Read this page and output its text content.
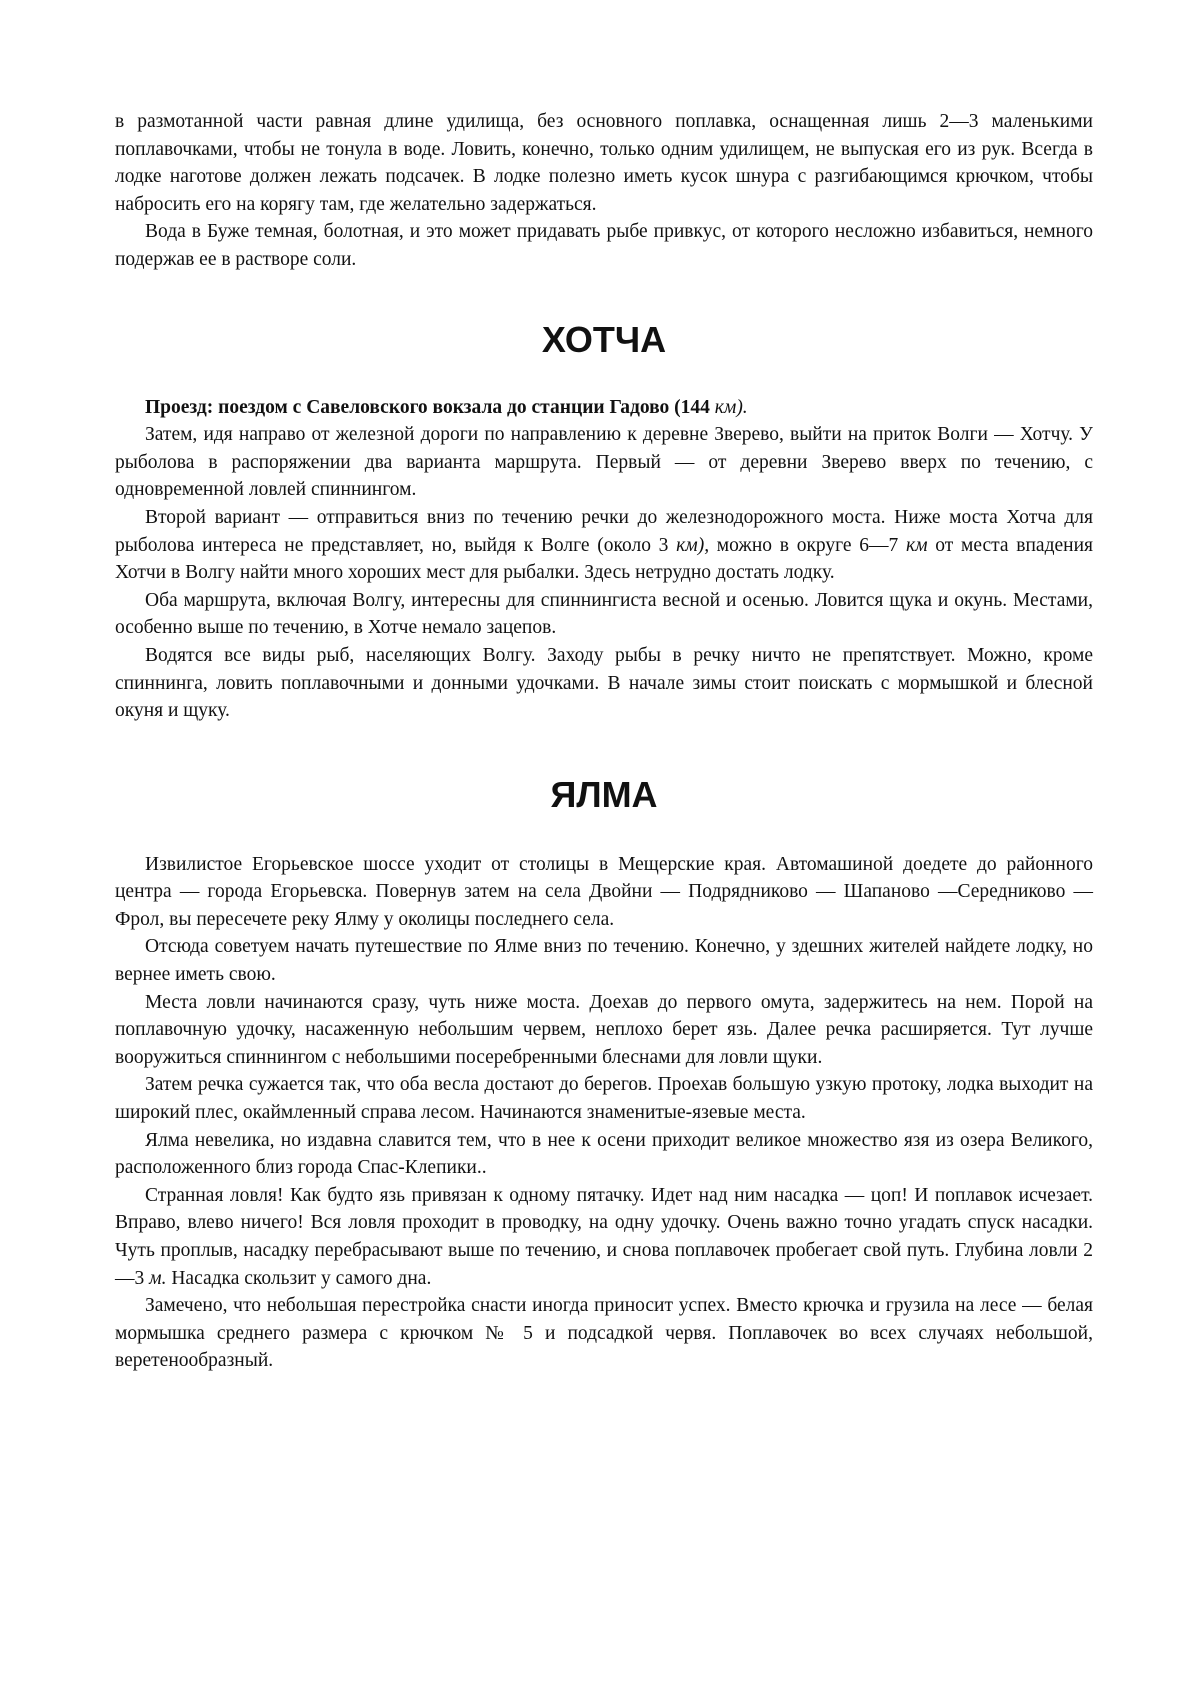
в размотанной части равная длине удилища, без основного поплавка, оснащенная лишь 2—3 маленькими поплавочками, чтобы не тонула в воде. Ловить, конечно, только одним удилищем, не выпуская его из рук. Всегда в лодке наготове должен лежать подсачек. В лодке полезно иметь кусок шнура с разгибающимся крючком, чтобы набросить его на корягу там, где желательно задержаться.

Вода в Буже темная, болотная, и это может придавать рыбе привкус, от которого несложно избавиться, немного подержав ее в растворе соли.

ХОТЧА

Проезд: поездом с Савеловского вокзала до станции Гадово (144 км).

Затем, идя направо от железной дороги по направлению к деревне Зверево, выйти на приток Волги — Хотчу. У рыболова в распоряжении два варианта маршрута. Первый — от деревни Зверево вверх по течению, с одновременной ловлей спиннингом.

Второй вариант — отправиться вниз по течению речки до железнодорожного моста. Ниже моста Хотча для рыболова интереса не представляет, но, выйдя к Волге (около 3 км), можно в округе 6—7 км от места впадения Хотчи в Волгу найти много хороших мест для рыбалки. Здесь нетрудно достать лодку.

Оба маршрута, включая Волгу, интересны для спиннингиста весной и осенью. Ловится щука и окунь. Местами, особенно выше по течению, в Хотче немало зацепов.

Водятся все виды рыб, населяющих Волгу. Заходу рыбы в речку ничто не препятствует. Можно, кроме спиннинга, ловить поплавочными и донными удочками. В начале зимы стоит поискать с мормышкой и блесной окуня и щуку.

ЯЛМА

Извилистое Егорьевское шоссе уходит от столицы в Мещерские края. Автомашиной доедете до районного центра — города Егорьевска. Повернув затем на села Двойни — Подрядниково — Шапаново —Середниково — Фрол, вы пересечете реку Ялму у околицы последнего села.

Отсюда советуем начать путешествие по Ялме вниз по течению. Конечно, у здешних жителей найдете лодку, но вернее иметь свою.

Места ловли начинаются сразу, чуть ниже моста. Доехав до первого омута, задержитесь на нем. Порой на поплавочную удочку, насаженную небольшим червем, неплохо берет язь. Далее речка расширяется. Тут лучше вооружиться спиннингом с небольшими посеребренными блеснами для ловли щуки.

Затем речка сужается так, что оба весла достают до берегов. Проехав большую узкую протоку, лодка выходит на широкий плес, окаймленный справа лесом. Начинаются знаменитые-язевые места.

Ялма невелика, но издавна славится тем, что в нее к осени приходит великое множество язя из озера Великого, расположенного близ города Спас-Клепики..

Странная ловля! Как будто язь привязан к одному пятачку. Идет над ним насадка — цоп! И поплавок исчезает. Вправо, влево ничего! Вся ловля проходит в проводку, на одну удочку. Очень важно точно угадать спуск насадки. Чуть проплыв, насадку перебрасывают выше по течению, и снова поплавочек пробегает свой путь. Глубина ловли 2—3 м. Насадка скользит у самого дна.

Замечено, что небольшая перестройка снасти иногда приносит успех. Вместо крючка и грузила на лесе — белая мормышка среднего размера с крючком № 5 и подсадкой червя. Поплавочек во всех случаях небольшой, веретенообразный.
